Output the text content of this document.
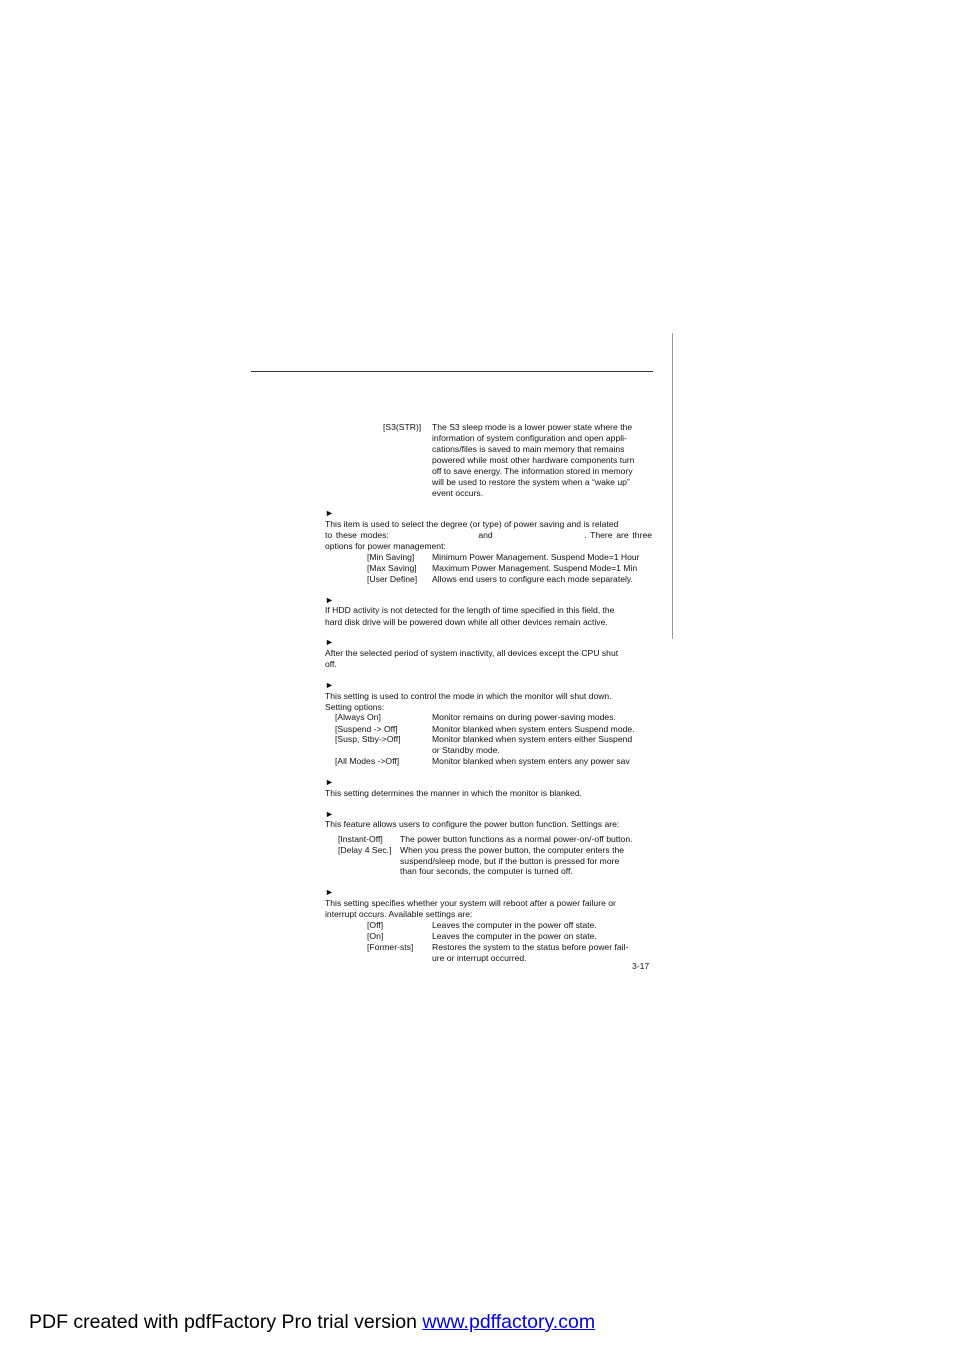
[S3(STR)] The S3 sleep mode is a lower power state where the
information of system configuration and open appli-
cations/files is saved to main memory that remains
powered while most other hardware components turn
off to save energy. The information stored in memory
will be used to restore the system when a “wake up”
event occurs.
►
This item is used to select the degree (or type) of power saving and is related
to these modes:	and	. There are three
options for power management:
[Min Saving] Minimum Power Management. Suspend Mode=1 Hour
[Max Saving] Maximum Power Management. Suspend Mode=1 Min
[User Define] Allows end users to configure each mode separately.
►
If HDD activity is not detected for the length of time specified in this field, the
hard disk drive will be powered down while all other devices remain active.
►
After the selected period of system inactivity, all devices except the CPU shut
off.
►
This setting is used to control the mode in which the monitor will shut down.
Setting options:
[Always On]	Monitor remains on during power-saving modes.
[Suspend -> Off]	Monitor blanked when system enters Suspend mode.
[Susp, Stby->Off]	Monitor blanked when system enters either Suspend
or Standby mode.
[All Modes ->Off]	Monitor blanked when system enters any power sav
►
This setting determines the manner in which the monitor is blanked.
►
This feature allows users to configure the power button function. Settings are:
[Instant-Off] The power button functions as a normal power-on/-off button.
[Delay 4 Sec.] When you press the power button, the computer enters the
suspend/sleep mode, but if the button is pressed for more
than four seconds, the computer is turned off.
►
This setting specifies whether your system will reboot after a power failure or
interrupt occurs. Available settings are:
[Off]	Leaves the computer in the power off state.
[On]	Leaves the computer in the power on state.
[Former-sts] Restores the system to the status before power fail-
ure or interrupt occurred.
3-17
PDF created with pdfFactory Pro trial version www.pdffactory.com
